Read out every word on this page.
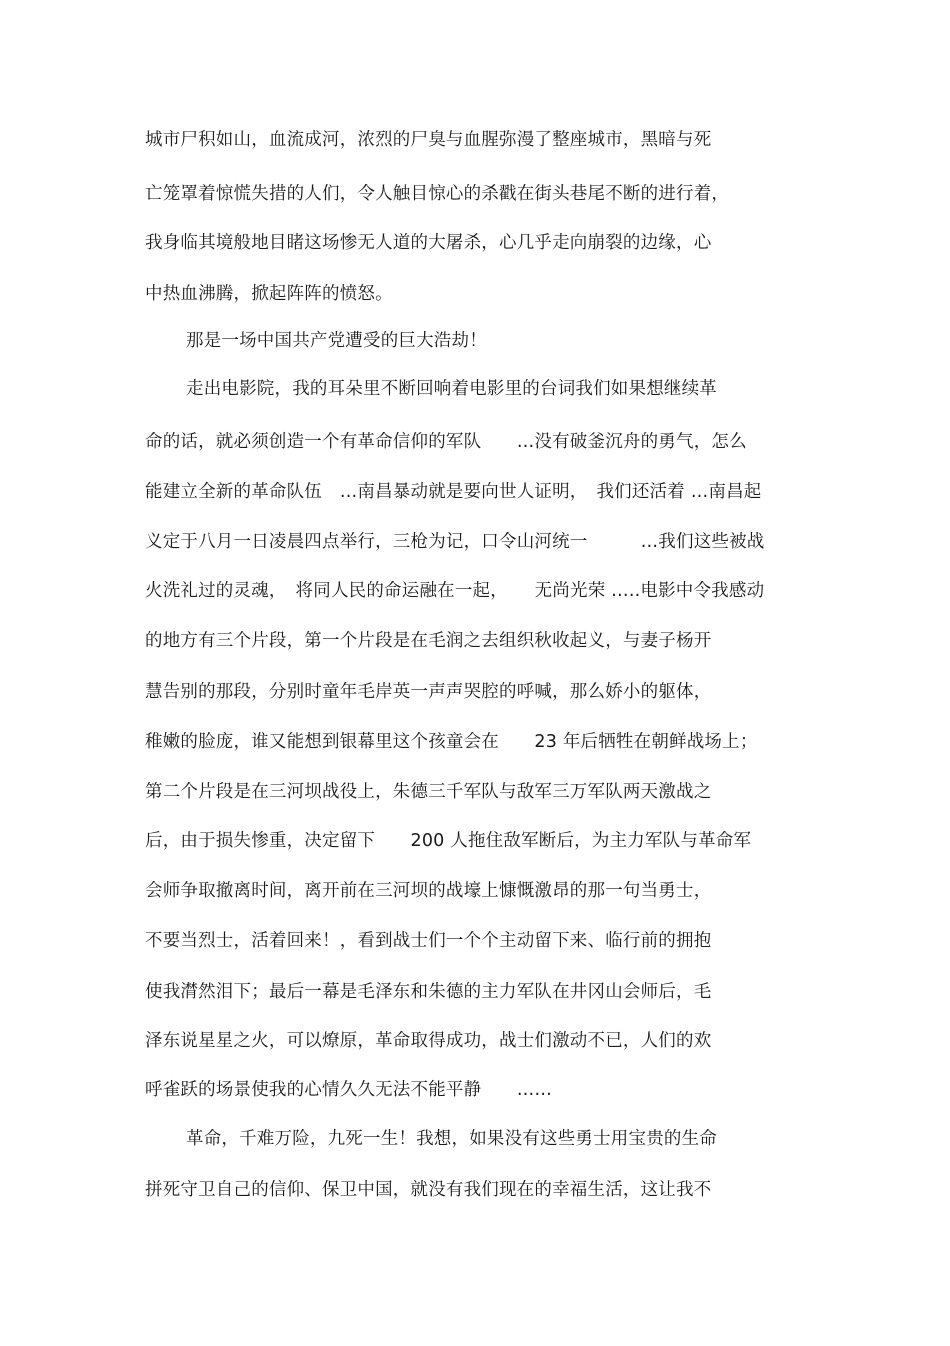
城市尸积如山，血流成河，浓烈的尸臭与血腥弥漫了整座城市，黑暗与死
亡笼罩着惊慌失措的人们，令人触目惊心的杀戳在街头巷尾不断的进行着，
我身临其境般地目睹这场惨无人道的大屠杀，心几乎走向崩裂的边缘，心
中热血沸腾，掀起阵阵的愤怒。
那是一场中国共产党遭受的巨大浩劫！
走出电影院，我的耳朵里不断回响着电影里的台词我们如果想继续革
命的话，就必须创造一个有革命信仰的军队　　…没有破釜沉舟的勇气，怎么
能建立全新的革命队伍　…南昌暴动就是要向世人证明，　我们还活着 …南昌起
义定于八月一日凌晨四点举行，三枪为记，口令山河统一　　　…我们这些被战
火洗礼过的灵魂，　将同人民的命运融在一起，　　无尚光荣 …..电影中令我感动
的地方有三个片段，第一个片段是在毛润之去组织秋收起义，与妻子杨开
慧告别的那段，分别时童年毛岸英一声声哭腔的呼喊，那么娇小的躯体，
稚嫩的脸庞，谁又能想到银幕里这个孩童会在　　23 年后牺牲在朝鲜战场上；
第二个片段是在三河坝战役上，朱德三千军队与敌军三万军队两天激战之
后，由于损失惨重，决定留下　　200 人拖住敌军断后，为主力军队与革命军
会师争取撤离时间，离开前在三河坝的战壕上慷慨激昂的那一句当勇士，
不要当烈士，活着回来！，看到战士们一个个主动留下来、临行前的拥抱
使我潸然泪下；最后一幕是毛泽东和朱德的主力军队在井冈山会师后，毛
泽东说星星之火，可以燎原，革命取得成功，战士们激动不已，人们的欢
呼雀跃的场景使我的心情久久无法不能平静　　……
革命，千难万险，九死一生！我想，如果没有这些勇士用宝贵的生命
拼死守卫自己的信仰、保卫中国，就没有我们现在的幸福生活，这让我不
